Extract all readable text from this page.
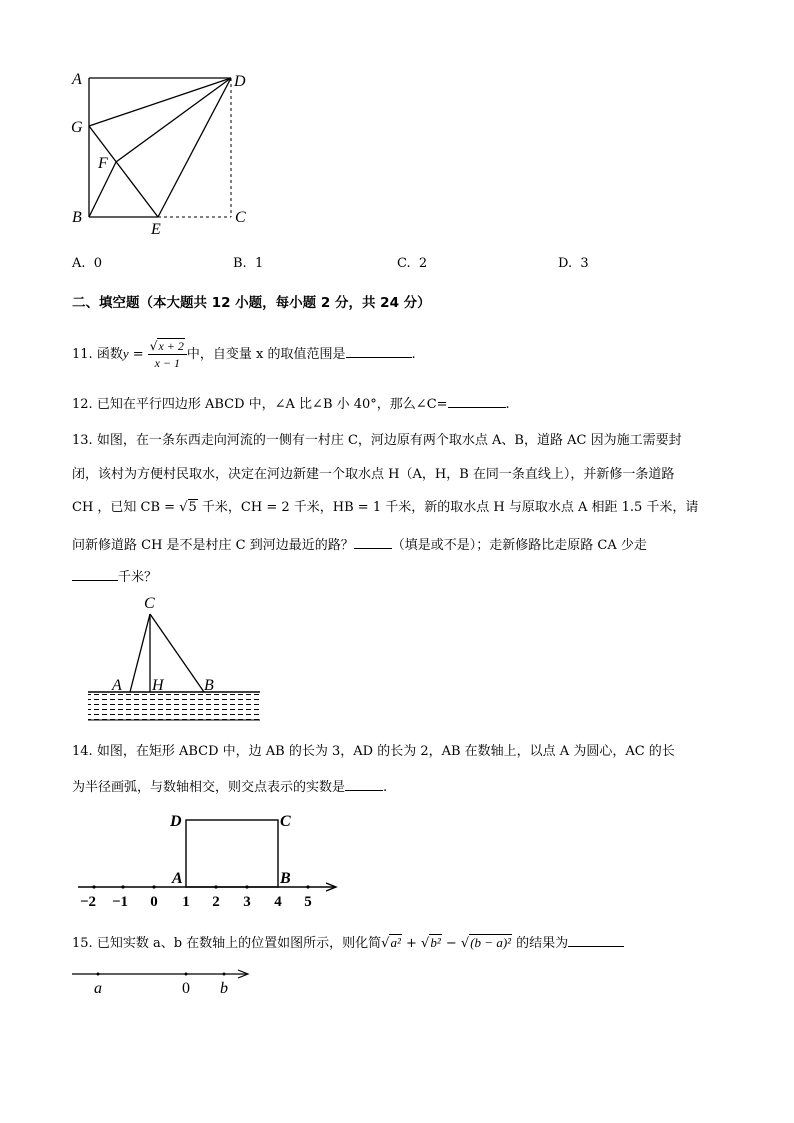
A	D
G
F
B
E
C
A. 0	B. 1	C. 2	D. 3
二、填空题（本大题共 12 小题，每小题 2 分，共 24 分）
11. 函数$y = \frac{√x + 2}{x - 1}$ 中，自变量 x 的取值范围是	.
12. 已知在平行四边形 ABCD 中，∠A 比∠B 小 40°，那么∠C=	.
13. 如图，在一条东西走向河流的一侧有一村庄 C，河边原有两个取水点 A、B，道路 AC 因为施工需要封
闭，该村为方便村民取水，决定在河边新建一个取水点 H（A，H，B 在同一条直线上），并新修一条道路
CH ，已知 CB = √5 千米，CH = 2 千米，HB = 1 千米，新的取水点 H 与原取水点 A 相距 1.5 千米，请
问新修道路 CH 是不是村庄 C 到河边最近的路？	（填是或不是）；走新修路比走原路 CA 少走
千米？
C
A H	B
14. 如图，在矩形 ABCD 中，边 AB 的长为 3，AD 的长为 2，AB 在数轴上，以点 A 为圆心，AC 的长
为半径画弧，与数轴相交，则交点表示的实数是	.
D	C
A	B
−2 −1 0 1 2 3 4 5
15. 已知实数 a、b 在数轴上的位置如图所示，则化简√a² + √b² − √(b − a)² 的结果为
a	0 b
